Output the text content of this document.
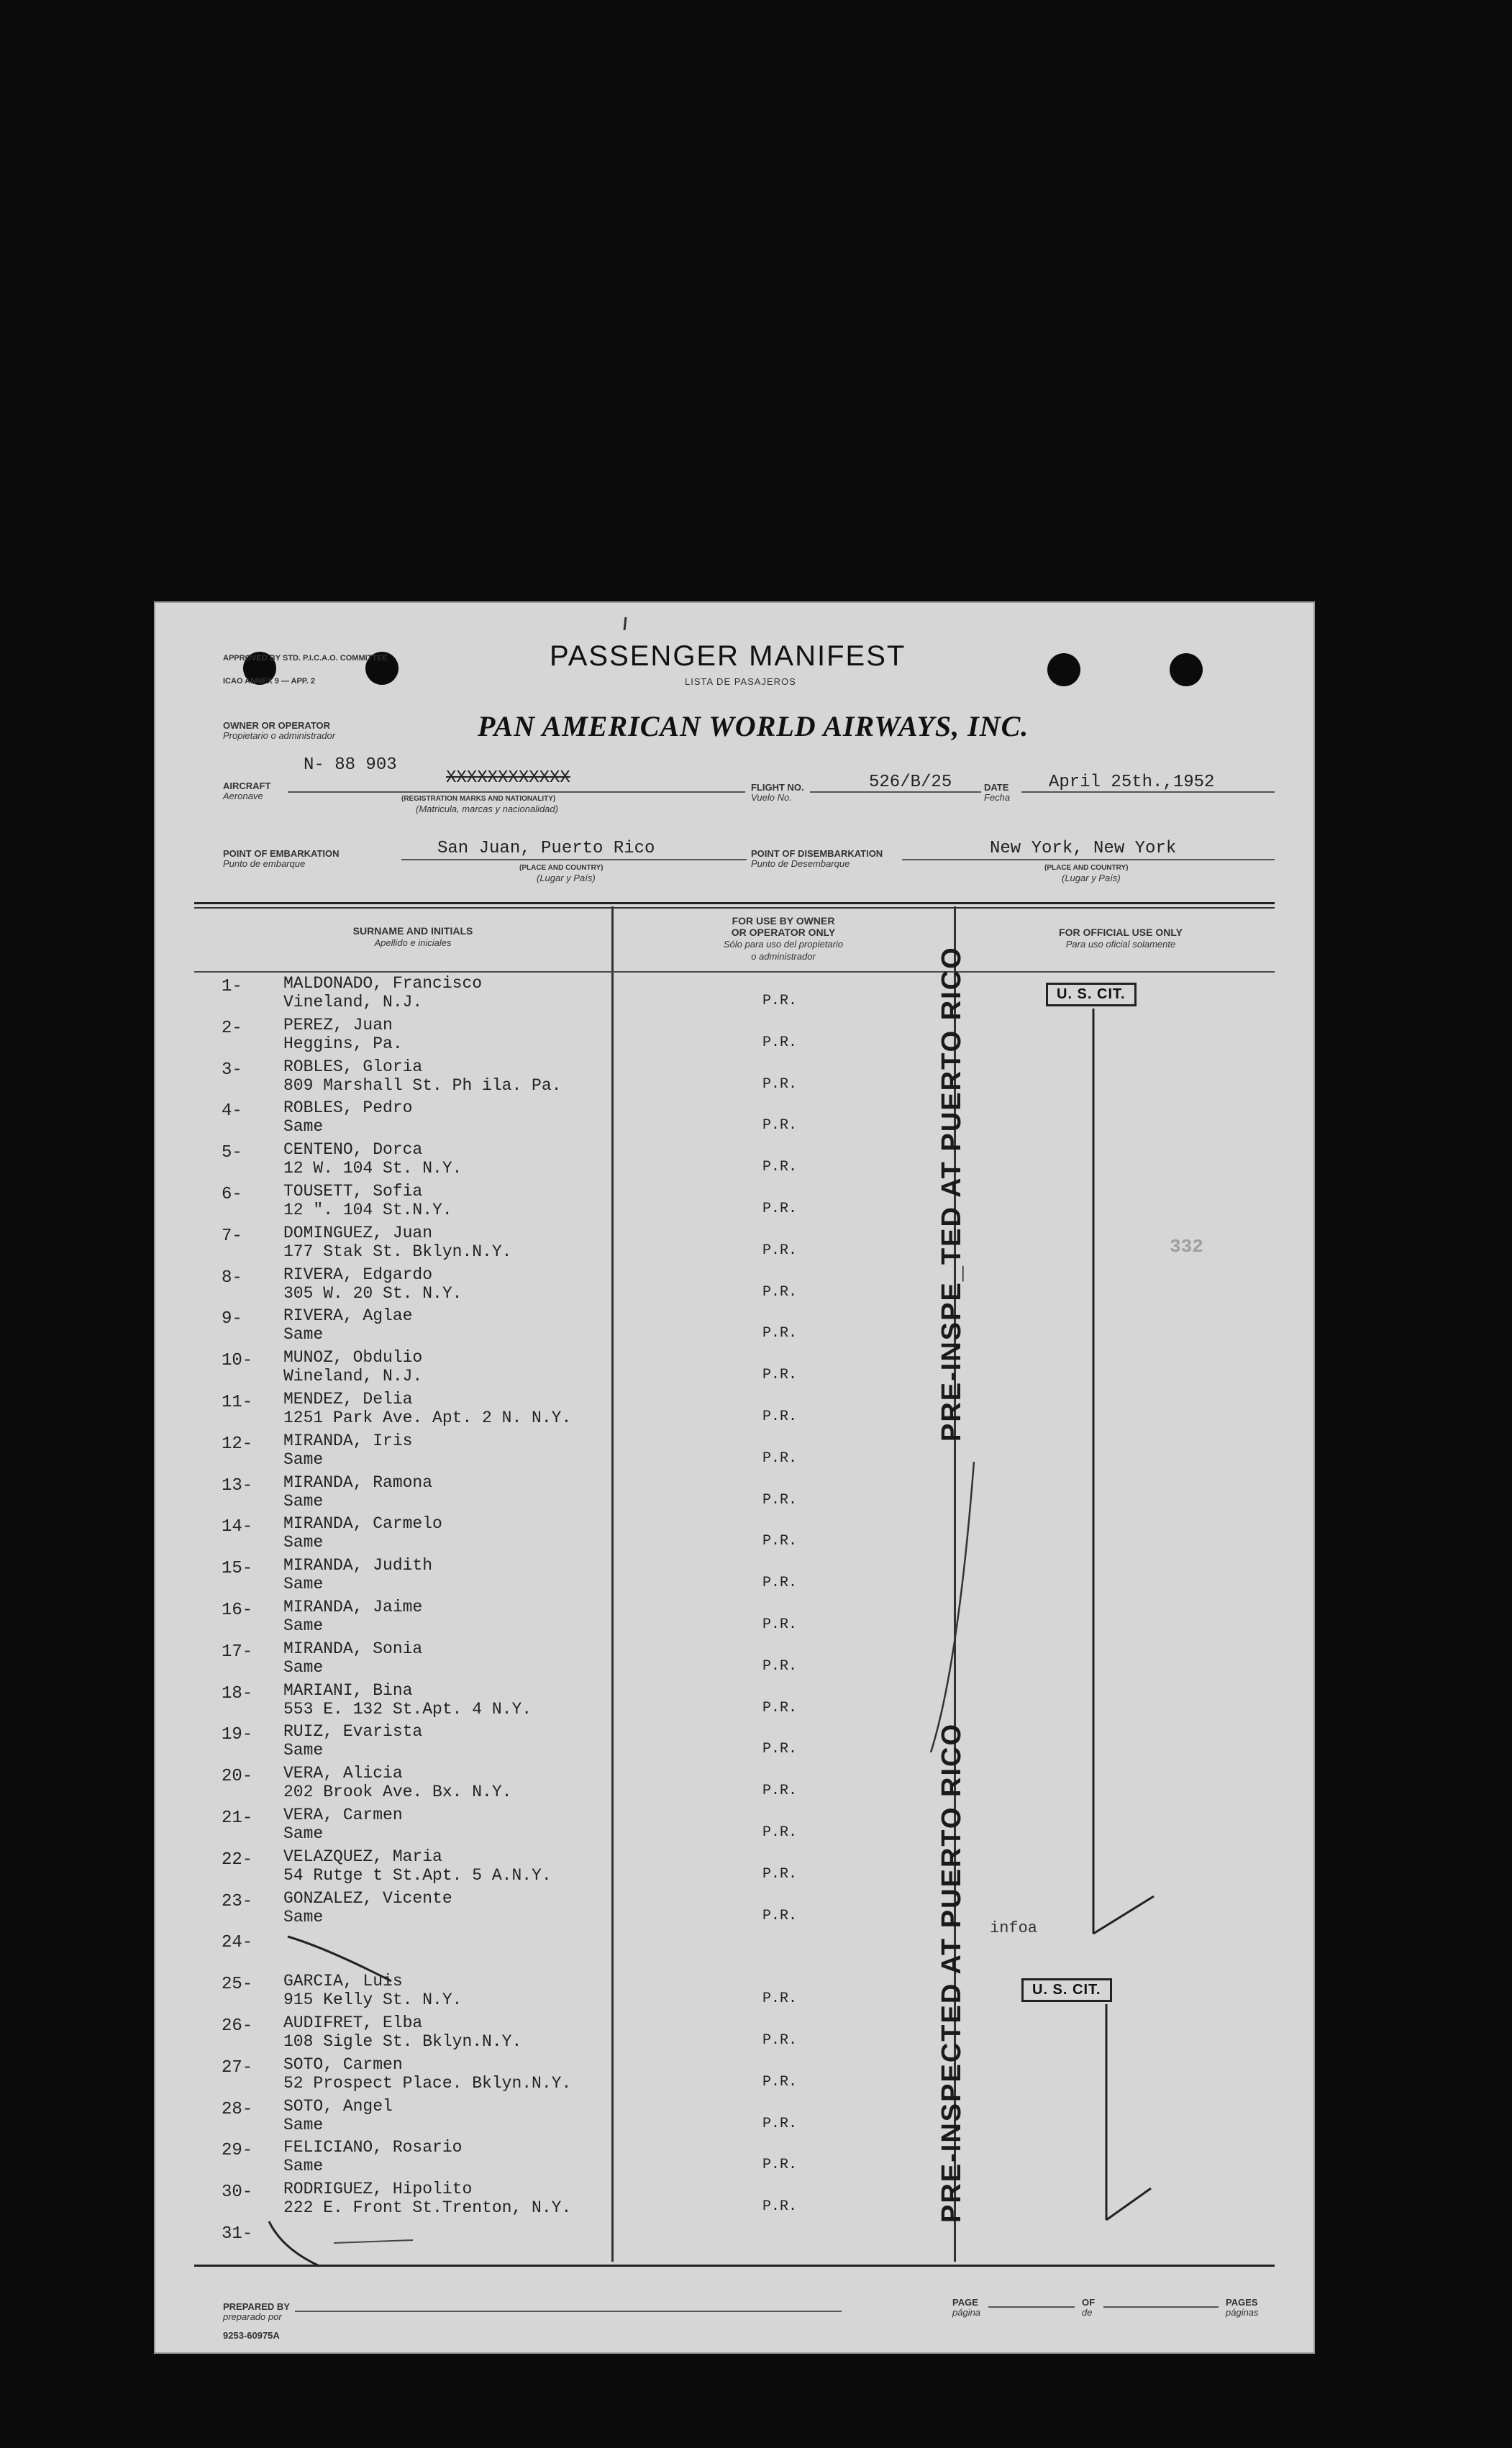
APPROVED BY STD. P.I.C.A.O. COMMITTEE
ICAO ANNEX 9 — APP. 2
PASSENGER MANIFEST
LISTA DE PASAJEROS
OWNER OR OPERATOR
Propietario o administrador	PAN AMERICAN WORLD AIRWAYS, INC.
N- 88 903
AIRCRAFT
Aeronave
XXXXXXXXXXXX
(REGISTRATION MARKS AND NATIONALITY)
(Matricula, marcas y nacionalidad)
FLIGHT NO.
Vuelo No.
526/B/25	DATE
Fecha
April 25th.,1952
POINT OF EMBARKATION
Punto de embarque
San Juan, Puerto Rico
(PLACE AND COUNTRY)
(Lugar y País)
POINT OF DISEMBARKATION
Punto de Desembarque
New York, New York
(PLACE AND COUNTRY)
(Lugar y País)
SURNAME AND INITIALS
Apellido e iniciales
FOR USE BY OWNER
OR OPERATOR ONLY
Sólo para uso del propietario
o administrador
FOR OFFICIAL USE ONLY
Para uso oficial solamente
1- MALDONADO, Francisco
Vineland, N.J.	P.R.
2- PEREZ, Juan
Heggins, Pa.	P.R.
3- ROBLES, Gloria
809 Marshall St. Ph ila. Pa.	P.R.
4- ROBLES, Pedro
Same	P.R.
5- CENTENO, Dorca
12 W. 104 St. N.Y.	P.R.
6- TOUSETT, Sofia
12 ". 104 St.N.Y.	P.R.
7- DOMINGUEZ, Juan
177 Stak St. Bklyn.N.Y.	P.R.
8- RIVERA, Edgardo
305 W. 20 St. N.Y.	P.R.
9- RIVERA, Aglae
Same	P.R.
10- MUNOZ, Obdulio
Wineland, N.J.	P.R.
11- MENDEZ, Delia
1251 Park Ave. Apt. 2 N. N.Y.	P.R.
12- MIRANDA, Iris
Same	P.R.
13- MIRANDA, Ramona
Same	P.R.
14- MIRANDA, Carmelo
Same	P.R.
15- MIRANDA, Judith
Same	P.R.
16- MIRANDA, Jaime
Same	P.R.
17- MIRANDA, Sonia
Same	P.R.
18- MARIANI, Bina
553 E. 132 St.Apt. 4 N.Y.	P.R.
19- RUIZ, Evarista
Same	P.R.
20- VERA, Alicia
202 Brook Ave. Bx. N.Y.	P.R.
21- VERA, Carmen
Same	P.R.
22- VELAZQUEZ, Maria
54 Rutge t St.Apt. 5 A.N.Y.	P.R.
23- GONZALEZ, Vicente
Same	P.R.
24-
25- GARCIA, Luis
915 Kelly St. N.Y.	P.R.
26- AUDIFRET, Elba
108 Sigle St. Bklyn.N.Y.	P.R.
27- SOTO, Carmen
52 Prospect Place. Bklyn.N.Y.	P.R.
28- SOTO, Angel
Same	P.R.
29- FELICIANO, Rosario
Same	P.R.
30- RODRIGUEZ, Hipolito
222 E. Front St.Trenton, N.Y.	P.R.
31-
PRE-INSPE_TED AT PUERTO RICO
PRE-INSPECTED AT PUERTO RICO
U. S. CIT.
U. S. CIT.
infoa
332
PREPARED BY
preparado por
9253-60975A
PAGE
página
OF
de
PAGES
páginas
